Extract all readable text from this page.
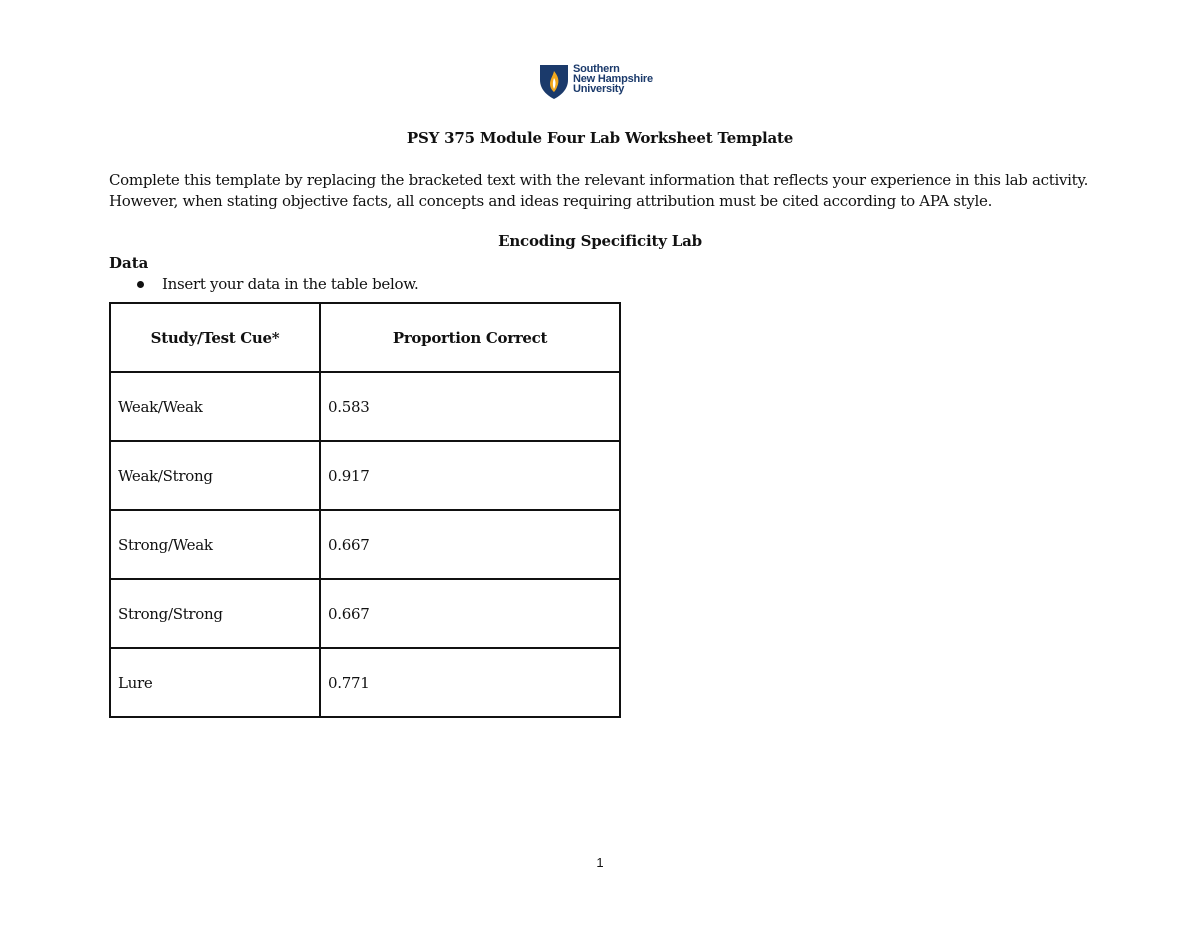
Southern
New Hampshire
University
PSY 375 Module Four Lab Worksheet Template
Complete this template by replacing the bracketed text with the relevant information that reflects your experience in this lab activity.
However, when stating objective facts, all concepts and ideas requiring attribution must be cited according to APA style.
Encoding Specificity Lab
Data
Insert your data in the table below.
Study/Test Cue*	Proportion Correct
Weak/Weak	0.583
Weak/Strong	0.917
Strong/Weak	0.667
Strong/Strong	0.667
Lure	0.771
1
